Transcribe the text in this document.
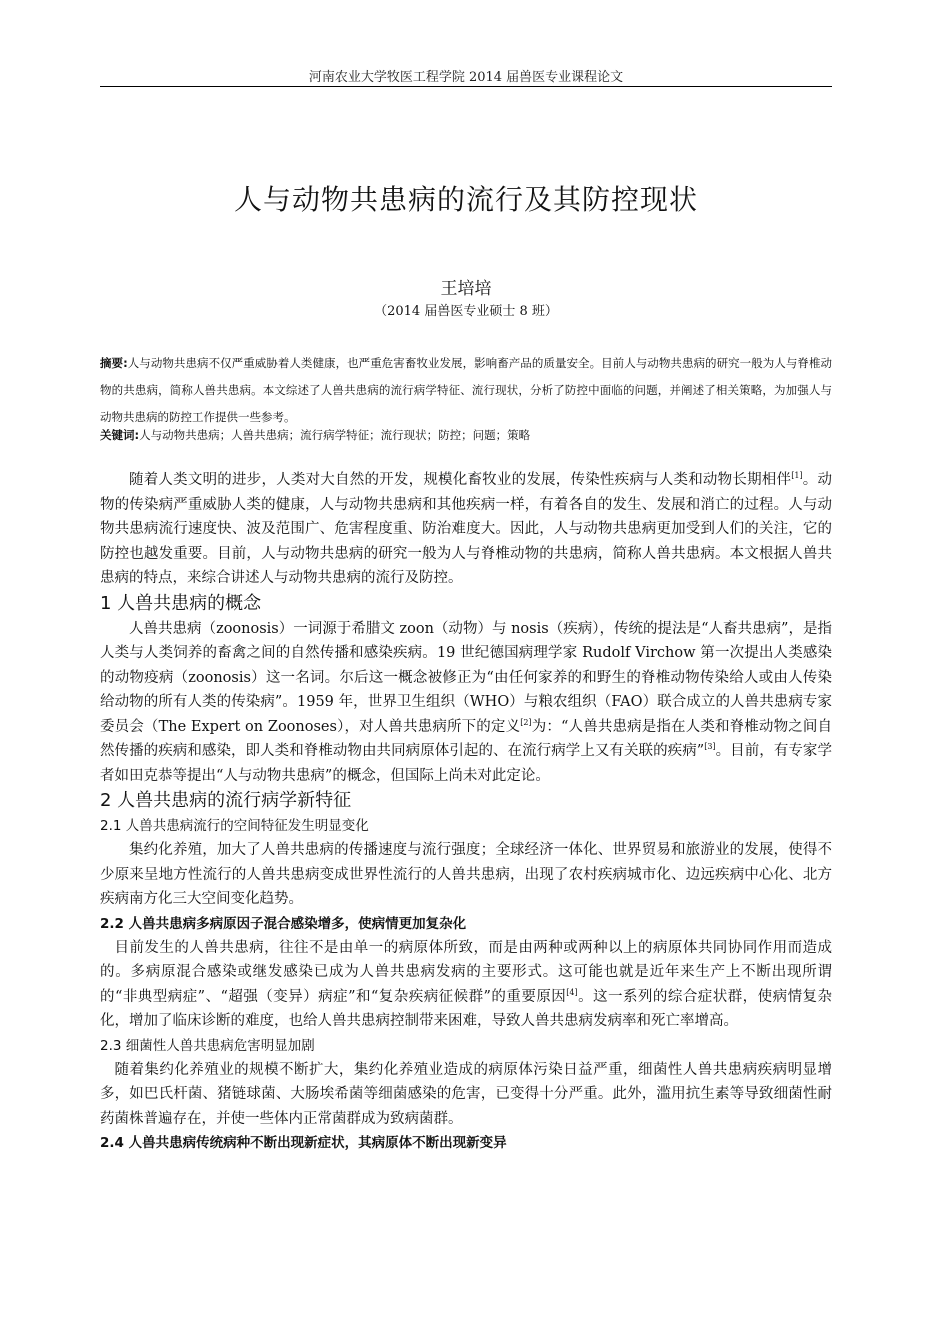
河南农业大学牧医工程学院 2014 届兽医专业课程论文
人与动物共患病的流行及其防控现状
王培培
（2014 届兽医专业硕士 8 班）
摘要:人与动物共患病不仅严重威胁着人类健康，也严重危害畜牧业发展，影响畜产品的质量安全。目前人与动物共患病的研究一般为人与脊椎动物的共患病，简称人兽共患病。本文综述了人兽共患病的流行病学特征、流行现状，分析了防控中面临的问题，并阐述了相关策略，为加强人与动物共患病的防控工作提供一些参考。
关键词:人与动物共患病；人兽共患病；流行病学特征；流行现状；防控；问题；策略

随着人类文明的进步，人类对大自然的开发，规模化畜牧业的发展，传染性疾病与人类和动物长期相伴[1]。动物的传染病严重威胁人类的健康，人与动物共患病和其他疾病一样，有着各自的发生、发展和消亡的过程。人与动物共患病流行速度快、波及范围广、危害程度重、防治难度大。因此，人与动物共患病更加受到人们的关注，它的防控也越发重要。目前，人与动物共患病的研究一般为人与脊椎动物的共患病，简称人兽共患病。本文根据人兽共患病的特点，来综合讲述人与动物共患病的流行及防控。

1 人兽共患病的概念

人兽共患病（zoonosis）一词源于希腊文 zoon（动物）与 nosis（疾病），传统的提法是“人畜共患病”，是指人类与人类饲养的畜禽之间的自然传播和感染疾病。19 世纪德国病理学家 Rudolf Virchow 第一次提出人类感染的动物疫病（zoonosis）这一名词。尔后这一概念被修正为“由任何家养的和野生的脊椎动物传染给人或由人传染给动物的所有人类的传染病”。1959 年，世界卫生组织（WHO）与粮农组织（FAO）联合成立的人兽共患病专家委员会（The Expert on Zoonoses），对人兽共患病所下的定义[2]为：“人兽共患病是指在人类和脊椎动物之间自然传播的疾病和感染，即人类和脊椎动物由共同病原体引起的、在流行病学上又有关联的疾病”[3]。目前，有专家学者如田克恭等提出“人与动物共患病”的概念，但国际上尚未对此定论。

2 人兽共患病的流行病学新特征

2.1 人兽共患病流行的空间特征发生明显变化

集约化养殖，加大了人兽共患病的传播速度与流行强度；全球经济一体化、世界贸易和旅游业的发展，使得不少原来呈地方性流行的人兽共患病变成世界性流行的人兽共患病，出现了农村疾病城市化、边远疾病中心化、北方疾病南方化三大空间变化趋势。

2.2 人兽共患病多病原因子混合感染增多，使病情更加复杂化

目前发生的人兽共患病，往往不是由单一的病原体所致，而是由两种或两种以上的病原体共同协同作用而造成的。多病原混合感染或继发感染已成为人兽共患病发病的主要形式。这可能也就是近年来生产上不断出现所谓的“非典型病症”、“超强（变异）病症”和“复杂疾病征候群”的重要原因[4]。这一系列的综合症状群，使病情复杂化，增加了临床诊断的难度，也给人兽共患病控制带来困难，导致人兽共患病发病率和死亡率增高。

2.3 细菌性人兽共患病危害明显加剧

随着集约化养殖业的规模不断扩大，集约化养殖业造成的病原体污染日益严重，细菌性人兽共患病疾病明显增多，如巴氏杆菌、猪链球菌、大肠埃希菌等细菌感染的危害，已变得十分严重。此外，滥用抗生素等导致细菌性耐药菌株普遍存在，并使一些体内正常菌群成为致病菌群。

2.4 人兽共患病传统病种不断出现新症状，其病原体不断出现新变异
